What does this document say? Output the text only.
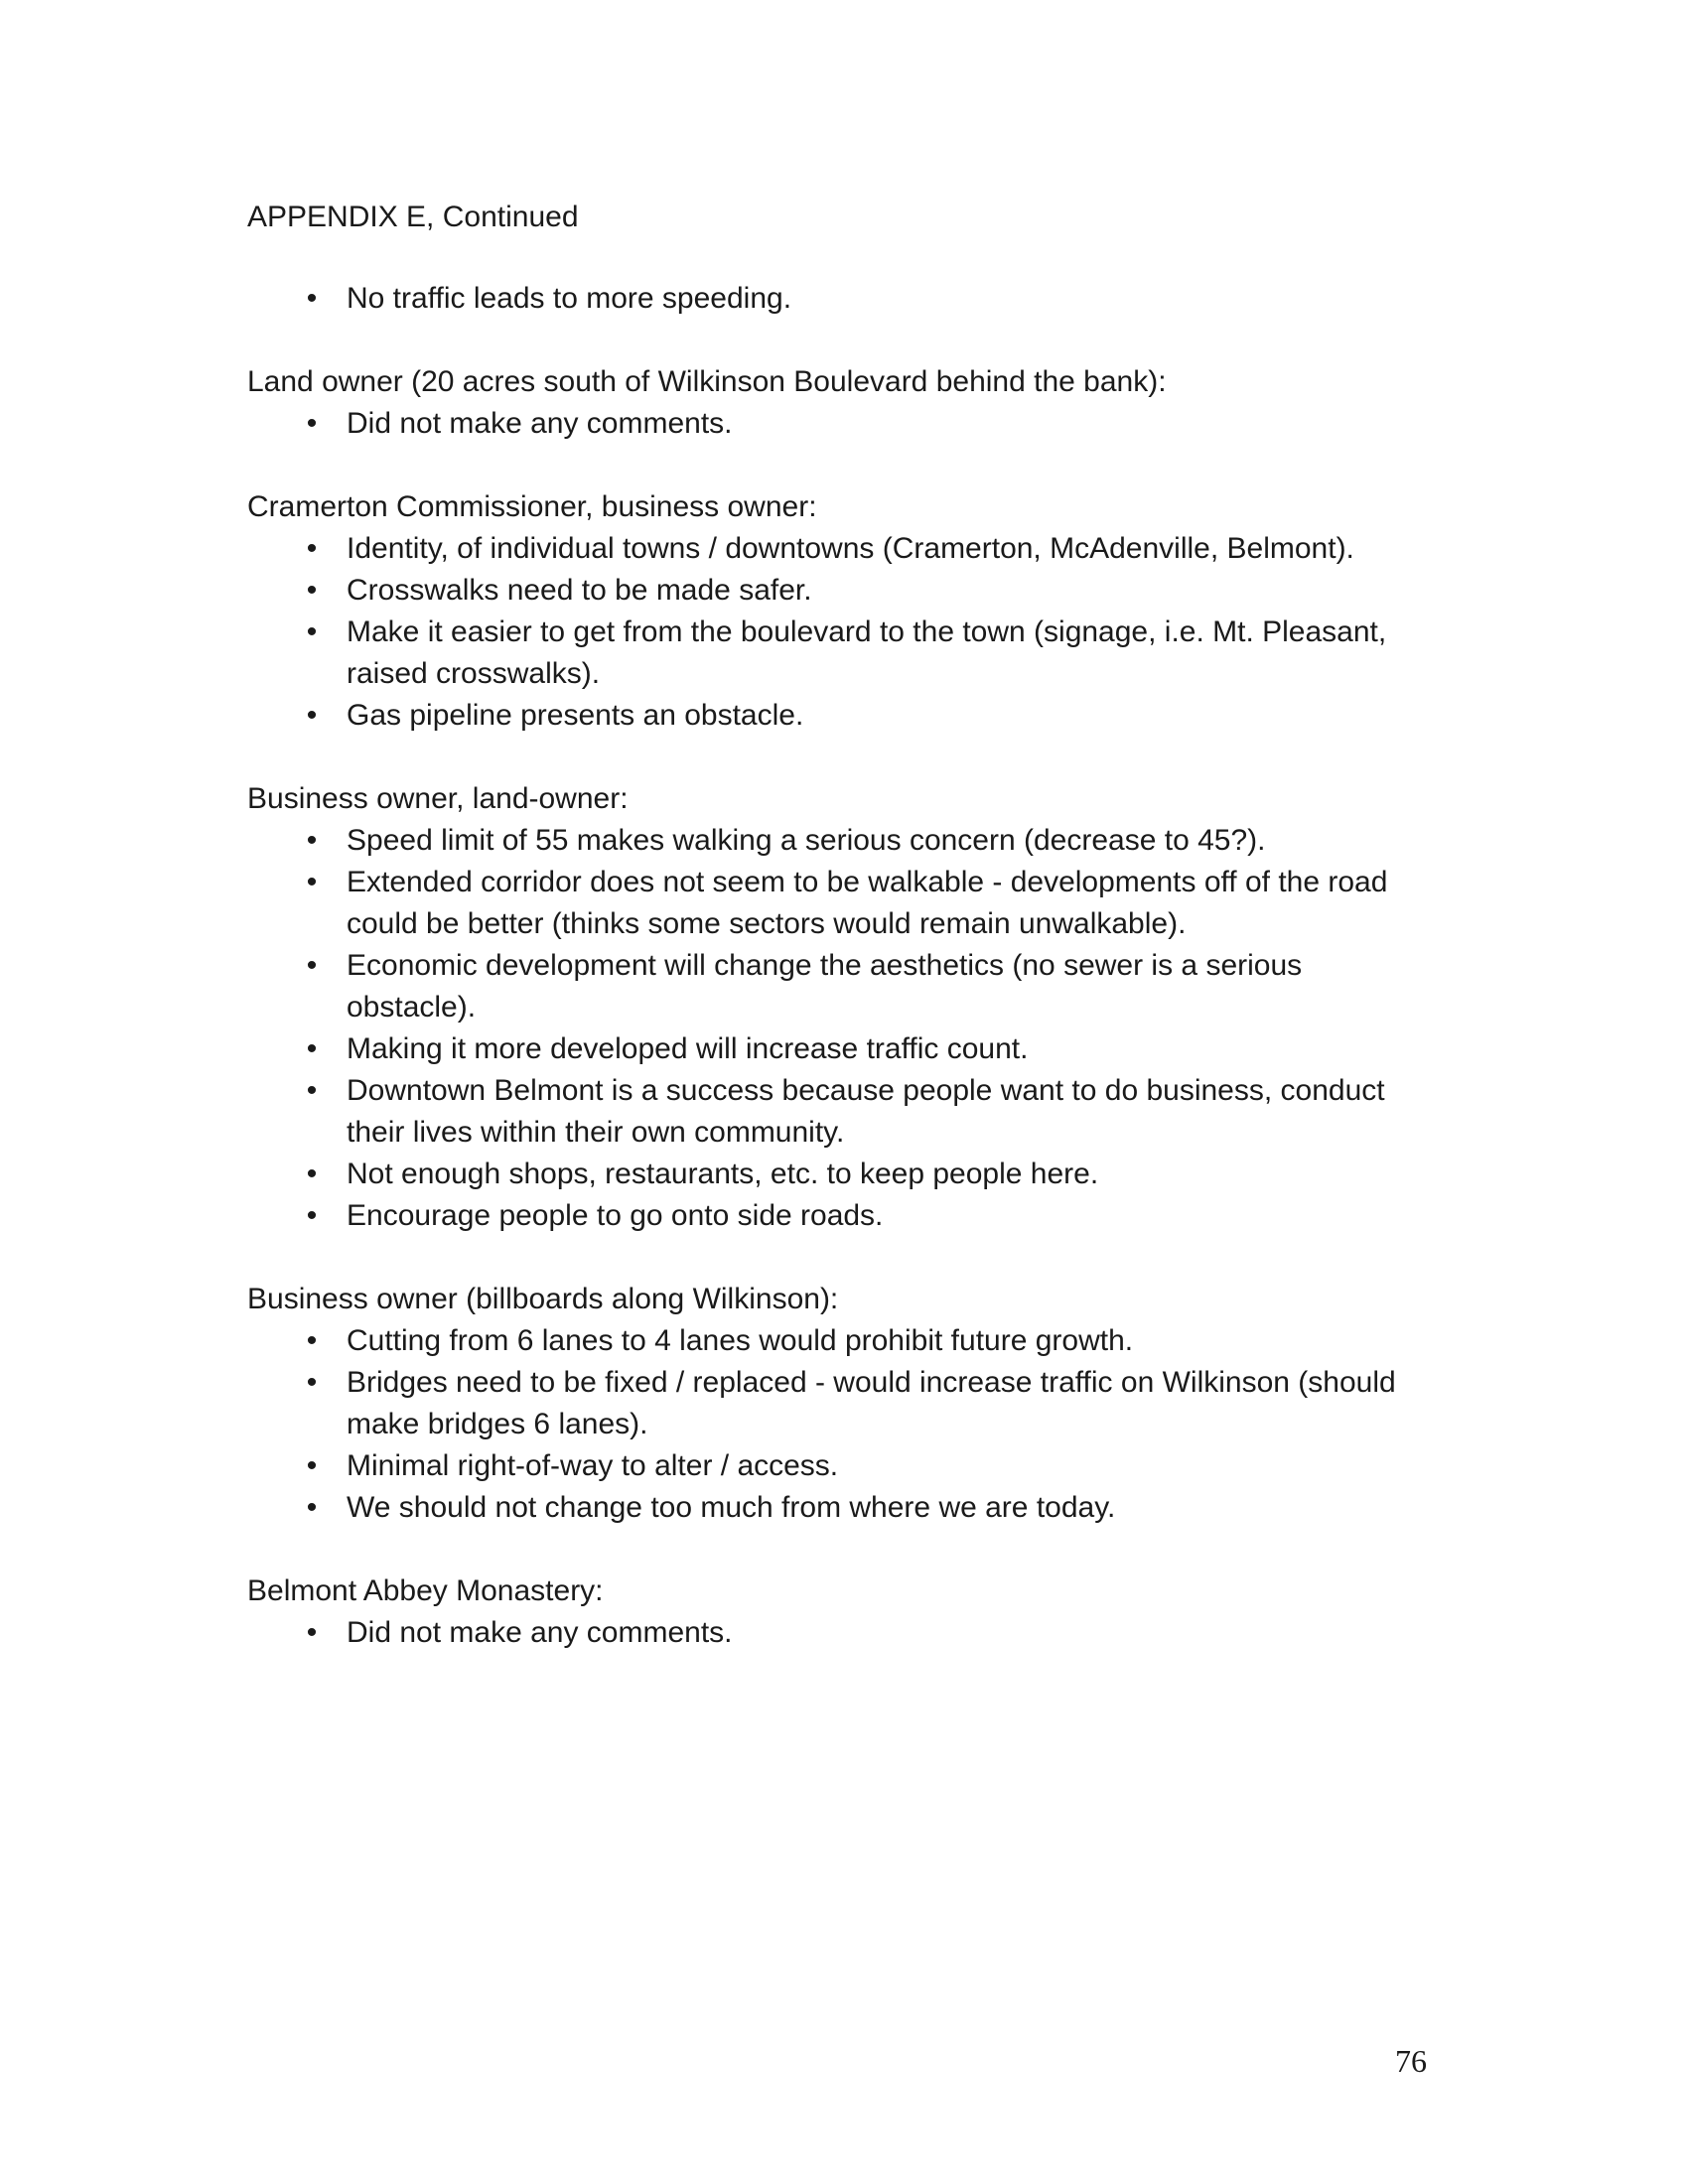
APPENDIX E, Continued
• No traffic leads to more speeding.

Land owner (20 acres south of Wilkinson Boulevard behind the bank):

• Did not make any comments.

Cramerton Commissioner, business owner:

• Identity, of individual towns / downtowns (Cramerton, McAdenville, Belmont).
• Crosswalks need to be made safer.
• Make it easier to get from the boulevard to the town (signage, i.e. Mt. Pleasant, raised crosswalks).
• Gas pipeline presents an obstacle.

Business owner, land-owner:

• Speed limit of 55 makes walking a serious concern (decrease to 45?).
• Extended corridor does not seem to be walkable - developments off of the road could be better (thinks some sectors would remain unwalkable).
• Economic development will change the aesthetics (no sewer is a serious obstacle).
• Making it more developed will increase traffic count.
• Downtown Belmont is a success because people want to do business, conduct their lives within their own community.
• Not enough shops, restaurants, etc. to keep people here.
• Encourage people to go onto side roads.

Business owner (billboards along Wilkinson):

• Cutting from 6 lanes to 4 lanes would prohibit future growth.
• Bridges need to be fixed / replaced - would increase traffic on Wilkinson (should make bridges 6 lanes).
• Minimal right-of-way to alter / access.
• We should not change too much from where we are today.

Belmont Abbey Monastery:

• Did not make any comments.
76
